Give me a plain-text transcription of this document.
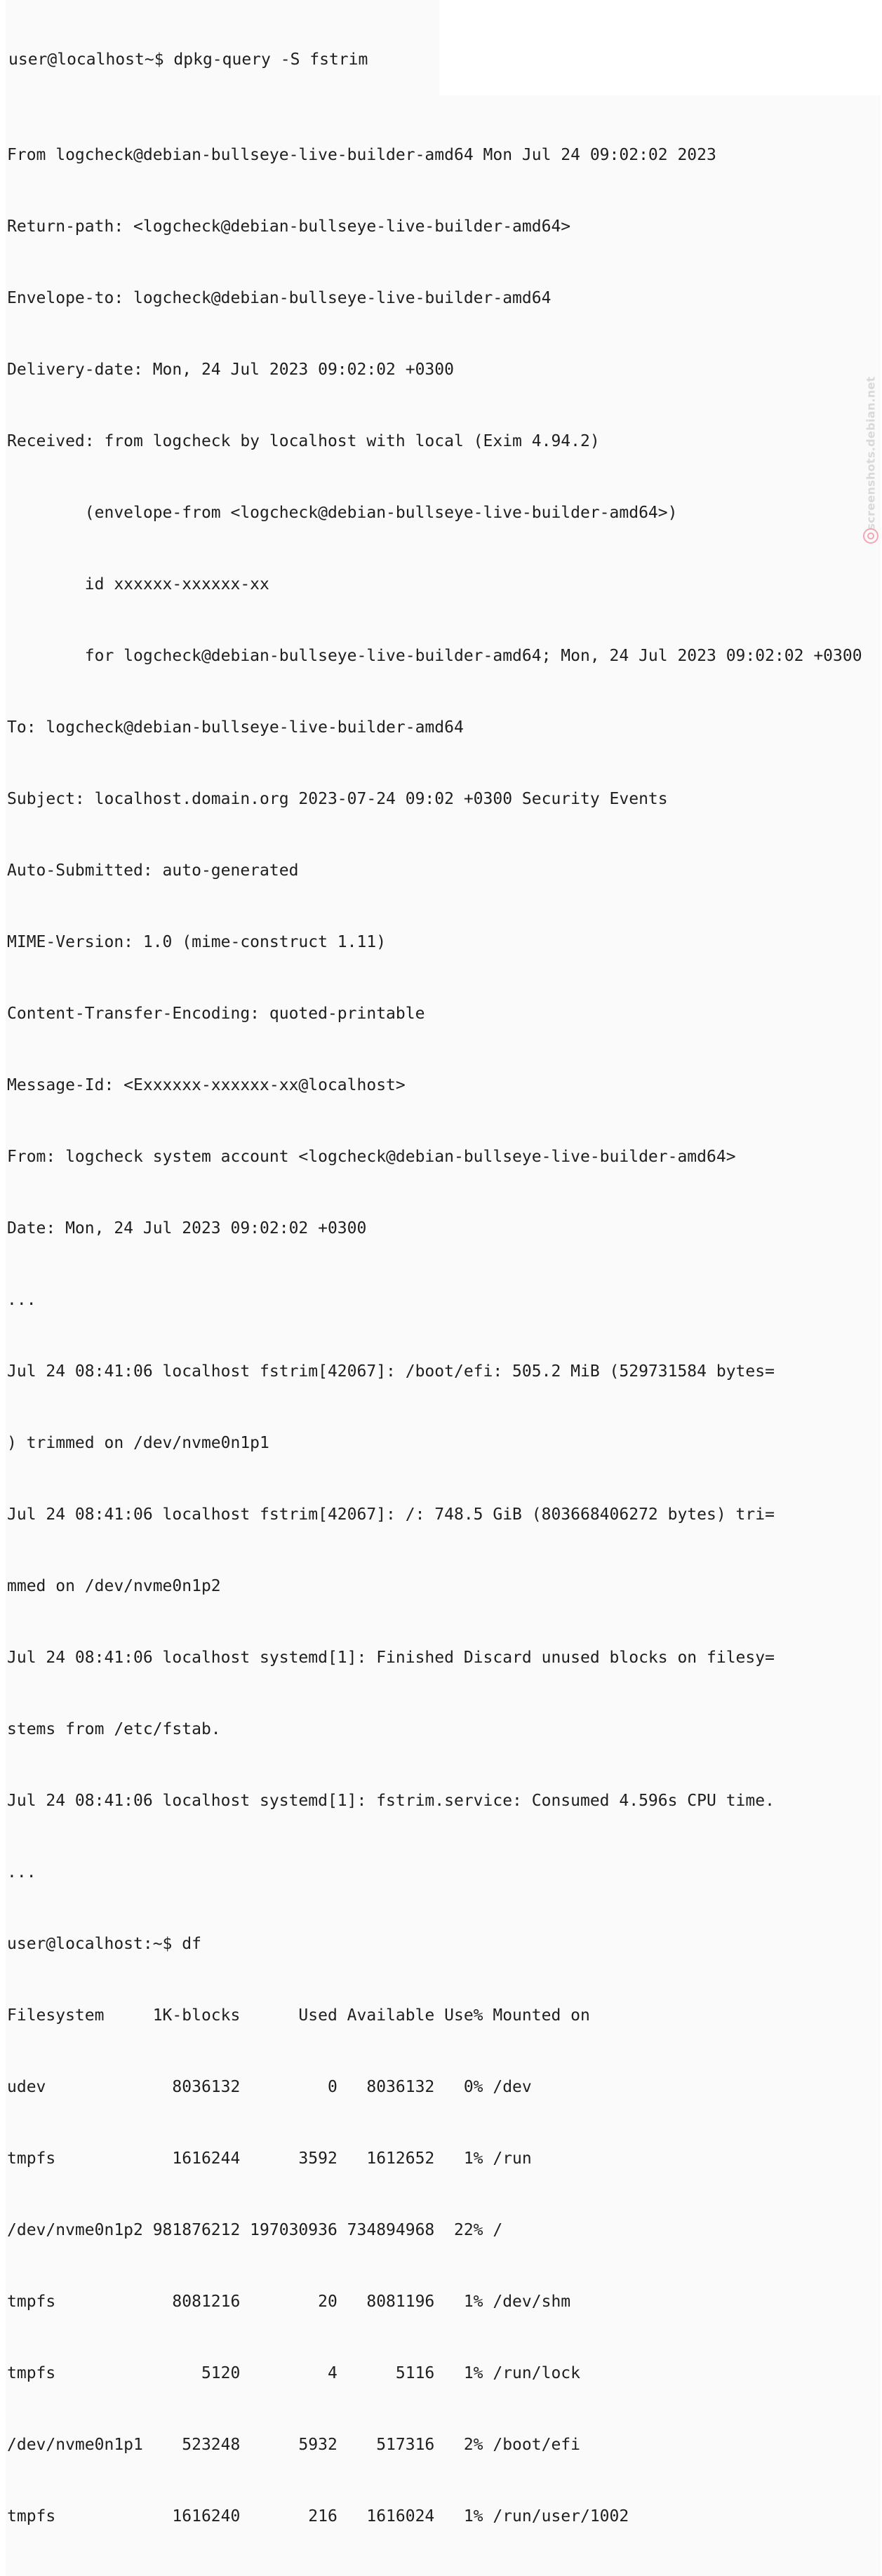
user@localhost~$ dpkg-query -S fstrim

From logcheck@debian-bullseye-live-builder-amd64 Mon Jul 24 09:02:02 2023

Return-path: <logcheck@debian-bullseye-live-builder-amd64>

Envelope-to: logcheck@debian-bullseye-live-builder-amd64

Delivery-date: Mon, 24 Jul 2023 09:02:02 +0300

Received: from logcheck by localhost with local (Exim 4.94.2)

(envelope-from <logcheck@debian-bullseye-live-builder-amd64>)

id xxxxxx-xxxxxx-xx

for logcheck@debian-bullseye-live-builder-amd64; Mon, 24 Jul 2023 09:02:02 +0300

To: logcheck@debian-bullseye-live-builder-amd64

Subject: localhost.domain.org 2023-07-24 09:02 +0300 Security Events

Auto-Submitted: auto-generated

MIME-Version: 1.0 (mime-construct 1.11)

Content-Transfer-Encoding: quoted-printable

Message-Id: <Exxxxxx-xxxxxx-xx@localhost>

From: logcheck system account <logcheck@debian-bullseye-live-builder-amd64>

Date: Mon, 24 Jul 2023 09:02:02 +0300

...

Jul 24 08:41:06 localhost fstrim[42067]: /boot/efi: 505.2 MiB (529731584 bytes=

) trimmed on /dev/nvme0n1p1

Jul 24 08:41:06 localhost fstrim[42067]: /: 748.5 GiB (803668406272 bytes) tri=

mmed on /dev/nvme0n1p2

Jul 24 08:41:06 localhost systemd[1]: Finished Discard unused blocks on filesy=

stems from /etc/fstab.

Jul 24 08:41:06 localhost systemd[1]: fstrim.service: Consumed 4.596s CPU time.

...

user@localhost:~$ df

Filesystem     1K-blocks      Used Available Use% Mounted on

udev             8036132         0   8036132   0% /dev

tmpfs            1616244      3592   1612652   1% /run

/dev/nvme0n1p2 981876212 197030936 734894968  22% /

tmpfs            8081216        20   8081196   1% /dev/shm

tmpfs               5120         4      5116   1% /run/lock

/dev/nvme0n1p1    523248      5932    517316   2% /boot/efi

tmpfs            1616240       216   1616024   1% /run/user/1002

screenshots.debian.net
